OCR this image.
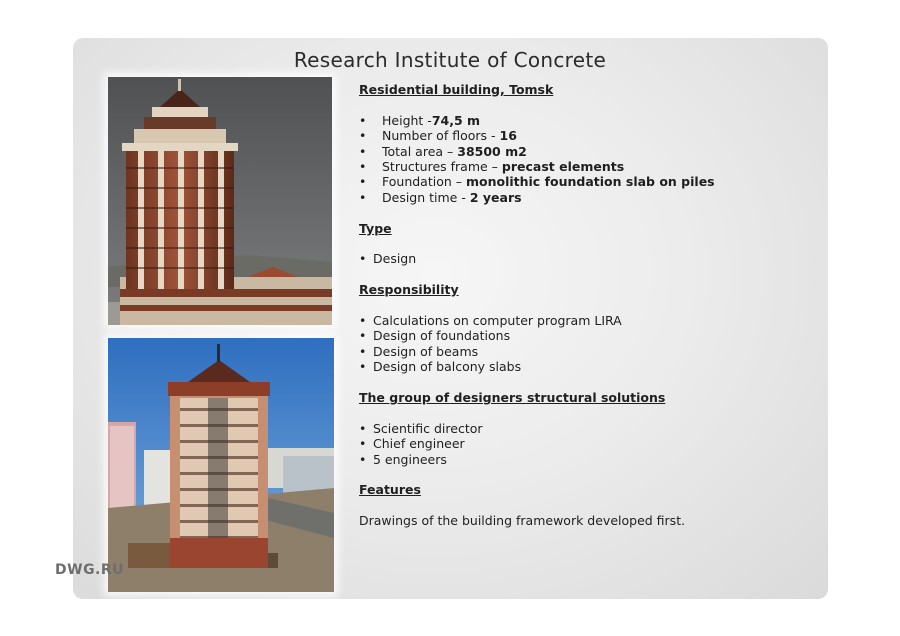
Research Institute of Concrete

Residential building, Tomsk

• Height -74,5 m
• Number of floors - 16
• Total area – 38500 m2
• Structures frame – precast elements
• Foundation – monolithic foundation slab on piles
• Design time - 2 years

Type

• Design

Responsibility

• Calculations on computer program LIRA
• Design of foundations
• Design of beams
• Design of balcony slabs

The group of designers structural solutions

• Scientific director
• Chief engineer
• 5 engineers

Features

Drawings of the building framework developed first.

DWG.RU
